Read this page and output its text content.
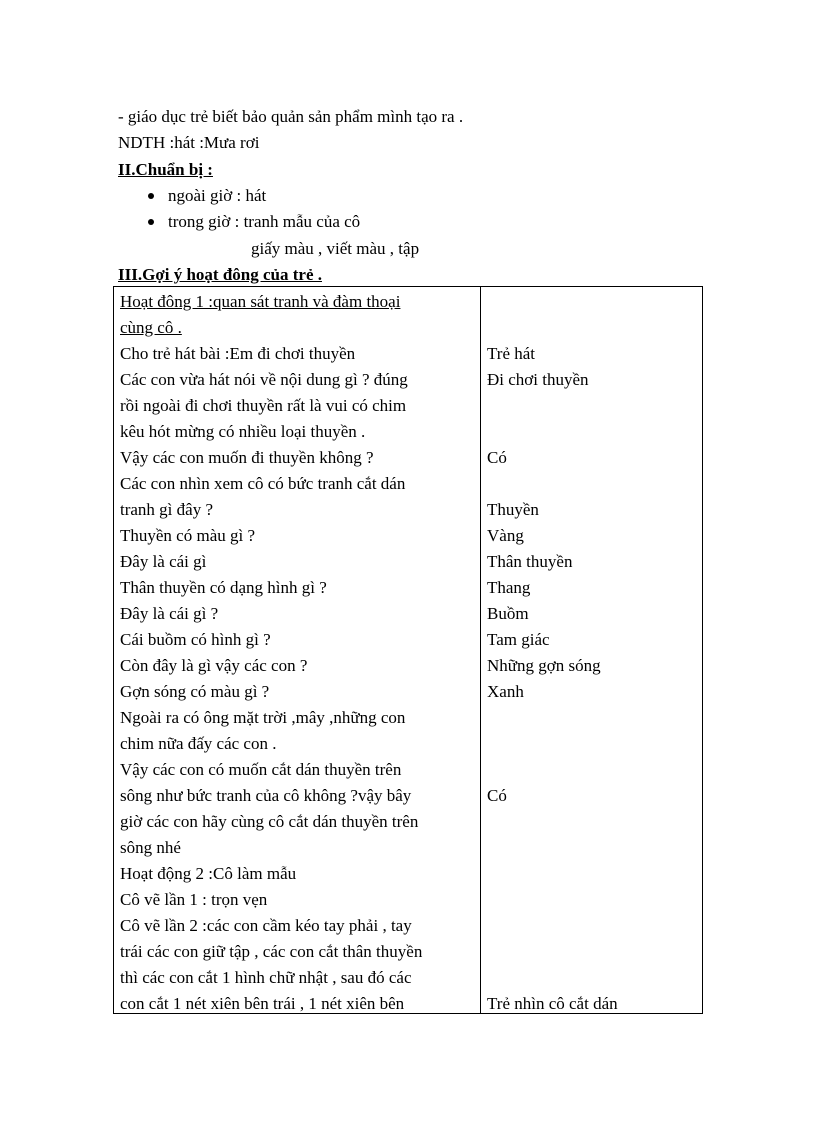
- giáo dục trẻ biết bảo quản sản phẩm mình tạo ra .
NDTH :hát :Mưa rơi
II.Chuẩn bị :
ngoài giờ : hát
trong giờ : tranh mẫu của cô
giấy màu , viết màu , tập
III.Gợi ý hoạt đông của trẻ .
Hoạt đông 1 :quan sát tranh và đàm thoại
cùng cô .
Cho trẻ hát bài :Em đi chơi thuyền
Các con vừa hát nói về nội dung gì ? đúng
rồi ngoài đi chơi thuyền rất là vui có chim
kêu hót mừng có nhiều loại thuyền .
Vậy các con muốn đi thuyền không ?
Các con nhìn xem cô có bức tranh cắt dán
tranh gì đây ?
Thuyền có màu gì ?
Đây là cái gì
Thân thuyền có dạng hình gì ?
Đây là cái gì ?
Cái buồm có hình gì ?
Còn đây là gì vậy các con ?
Gợn sóng có màu gì ?
Ngoài ra có ông mặt trời ,mây ,những con
chim nữa đấy các con .
Vậy các con có muốn cắt dán thuyền trên
sông như bức tranh của cô không ?vậy bây
giờ các con hãy cùng cô cắt dán thuyền trên
sông nhé
Hoạt động 2 :Cô làm mẫu
Cô vẽ lần 1 : trọn vẹn
Cô vẽ lần 2 :các con cầm kéo tay phải , tay
trái các con giữ tập , các con cắt thân thuyền
thì các con cắt 1 hình chữ nhật , sau đó các
con cắt 1 nét xiên bên trái , 1 nét xiên bên
Trẻ hát
Đi chơi thuyền
Có
Thuyền
Vàng
Thân thuyền
Thang
Buồm
Tam giác
Những gợn sóng
Xanh
Có
Trẻ nhìn cô cắt dán
